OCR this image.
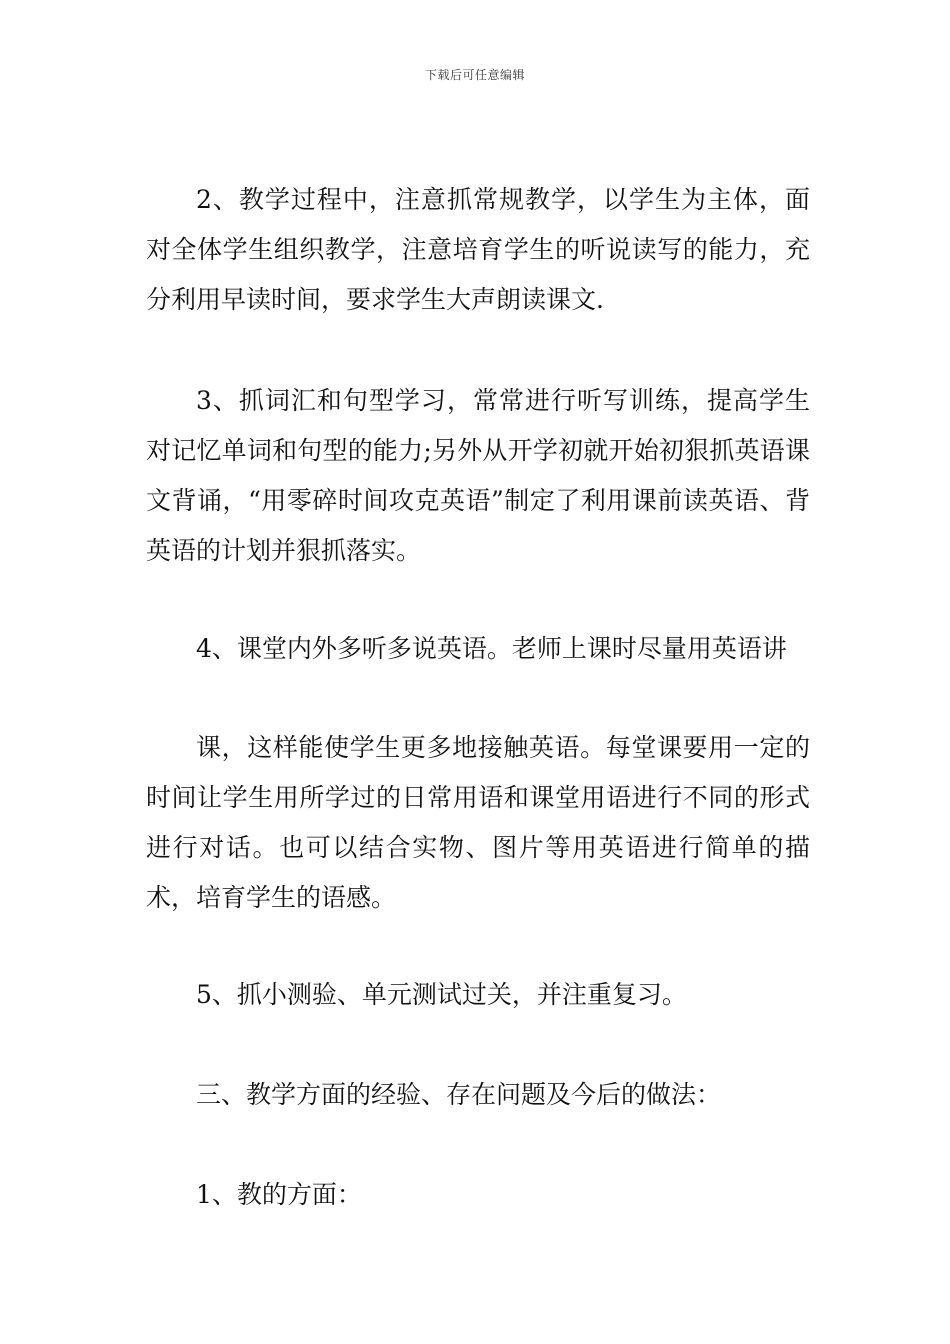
下载后可任意编辑

2、教学过程中，注意抓常规教学，以学生为主体，面对全体学生组织教学，注意培育学生的听说读写的能力，充分利用早读时间，要求学生大声朗读课文.

3、抓词汇和句型学习，常常进行听写训练，提高学生对记忆单词和句型的能力;另外从开学初就开始初狠抓英语课文背诵，“用零碎时间攻克英语”制定了利用课前读英语、背英语的计划并狠抓落实。

4、课堂内外多听多说英语。老师上课时尽量用英语讲

课，这样能使学生更多地接触英语。每堂课要用一定的时间让学生用所学过的日常用语和课堂用语进行不同的形式进行对话。也可以结合实物、图片等用英语进行简单的描术，培育学生的语感。

5、抓小测验、单元测试过关，并注重复习。

三、教学方面的经验、存在问题及今后的做法：

1、教的方面：
